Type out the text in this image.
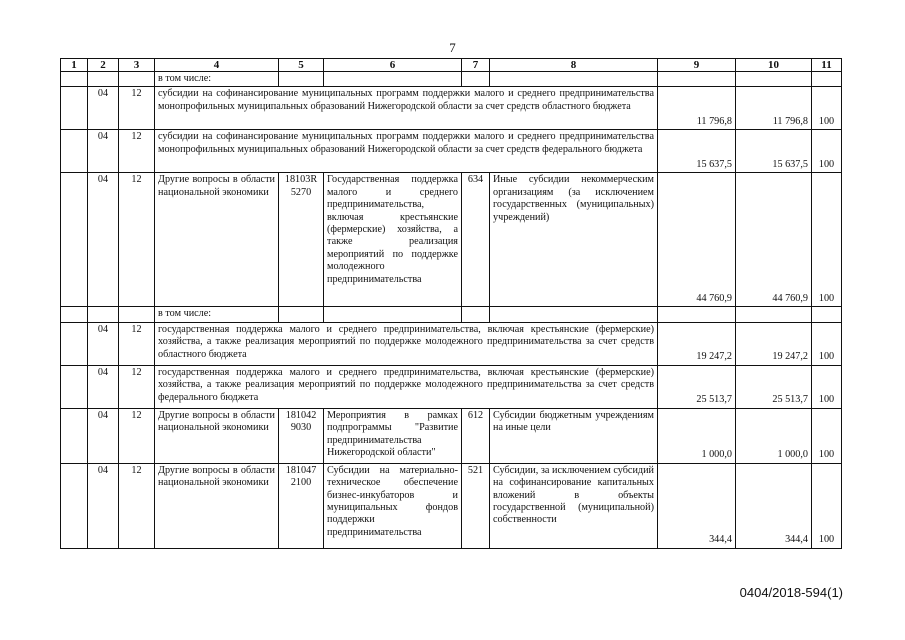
7
1	2	3	4	5	6	7	8	9	10	11
			в том числе:							
	04	12	субсидии на софинансирование муниципальных программ поддержки малого и среднего предпринимательства монопрофильных муниципальных образований Нижегородской области за счет средств областного бюджета					11 796,8	11 796,8	100
	04	12	субсидии на софинансирование муниципальных программ поддержки малого и среднего предпринимательства монопрофильных муниципальных образований Нижегородской области за счет средств федерального бюджета					15 637,5	15 637,5	100
	04	12	Другие вопросы в области национальной экономики	18103R 5270	Государственная поддержка малого и среднего предпринимательства, включая крестьянские (фермерские) хозяйства, а также реализация мероприятий по поддержке молодежного предпринимательства	634	Иные субсидии некоммерческим организациям (за исключением государственных (муниципальных) учреждений)	44 760,9	44 760,9	100
			в том числе:							
	04	12	государственная поддержка малого и среднего предпринимательства, включая крестьянские (фермерские) хозяйства, а также реализация мероприятий по поддержке молодежного предпринимательства за счет средств областного бюджета					19 247,2	19 247,2	100
	04	12	государственная поддержка малого и среднего предпринимательства, включая крестьянские (фермерские) хозяйства, а также реализация мероприятий по поддержке молодежного предпринимательства за счет средств федерального бюджета					25 513,7	25 513,7	100
	04	12	Другие вопросы в области национальной экономики	181042 9030	Мероприятия в рамках подпрограммы "Развитие предпринимательства Нижегородской области"	612	Субсидии бюджетным учреждениям на иные цели	1 000,0	1 000,0	100
	04	12	Другие вопросы в области национальной экономики	181047 2100	Субсидии на материально-техническое обеспечение бизнес-инкубаторов и муниципальных фондов поддержки предпринимательства	521	Субсидии, за исключением субсидий на софинансирование капитальных вложений в объекты государственной (муниципальной) собственности	344,4	344,4	100
0404/2018-594(1)
